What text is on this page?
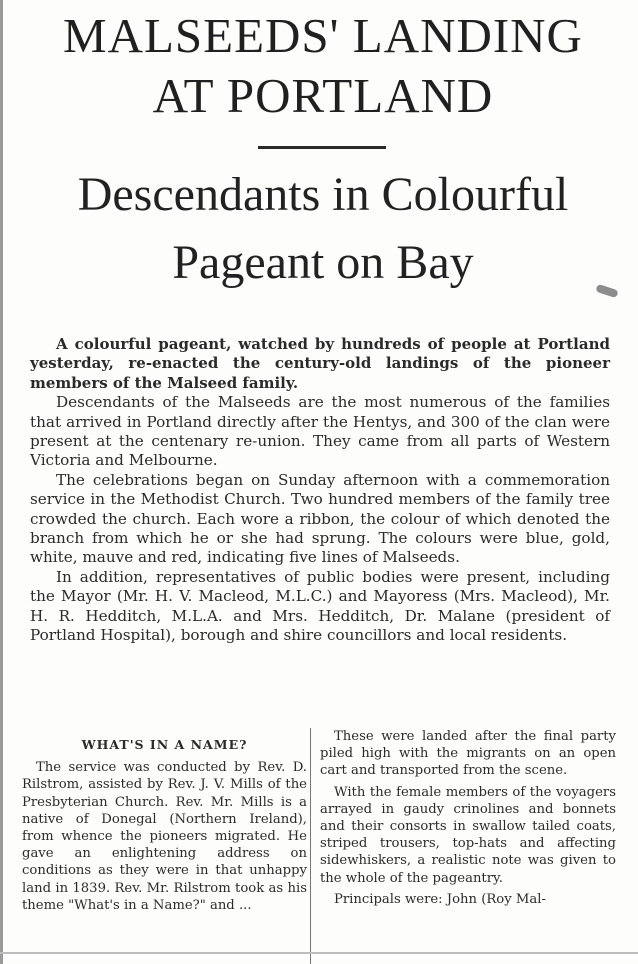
MALSEEDS' LANDING
AT PORTLAND
Descendants in Colourful
Pageant on Bay

A colourful pageant, watched by hundreds of people at Portland yesterday, re-enacted the century-old landings of the pioneer members of the Malseed family.

Descendants of the Malseeds are the most numerous of the families that arrived in Portland directly after the Hentys, and 300 of the clan were present at the centenary re-union. They came from all parts of Western Victoria and Melbourne.

The celebrations began on Sunday afternoon with a commemoration service in the Methodist Church. Two hundred members of the family tree crowded the church. Each wore a ribbon, the colour of which denoted the branch from which he or she had sprung. The colours were blue, gold, white, mauve and red, indicating five lines of Malseeds.

In addition, representatives of public bodies were present, including the Mayor (Mr. H. V. Macleod, M.L.C.) and Mayoress (Mrs. Macleod), Mr. H. R. Hedditch, M.L.A. and Mrs. Hedditch, Dr. Malane (president of Portland Hospital), borough and shire councillors and local residents.

WHAT'S IN A NAME?

The service was conducted by Rev. D. Rilstrom, assisted by Rev. J. V. Mills of the Presbyterian Church. Rev. Mr. Mills is a native of Donegal (Northern Ireland), from whence the pioneers migrated. He gave an enlightening address on conditions as they were in that unhappy land in 1839. Rev. Mr. Rilstrom took as his theme "What's in a Name?" and ...

These were landed after the final party piled high with the migrants on an open cart and transported from the scene.

With the female members of the voyagers arrayed in gaudy crinolines and bonnets and their consorts in swallow tailed coats, striped trousers, top-hats and affecting sidewhiskers, a realistic note was given to the whole of the pageantry.

Principals were: John (Roy Mal-
